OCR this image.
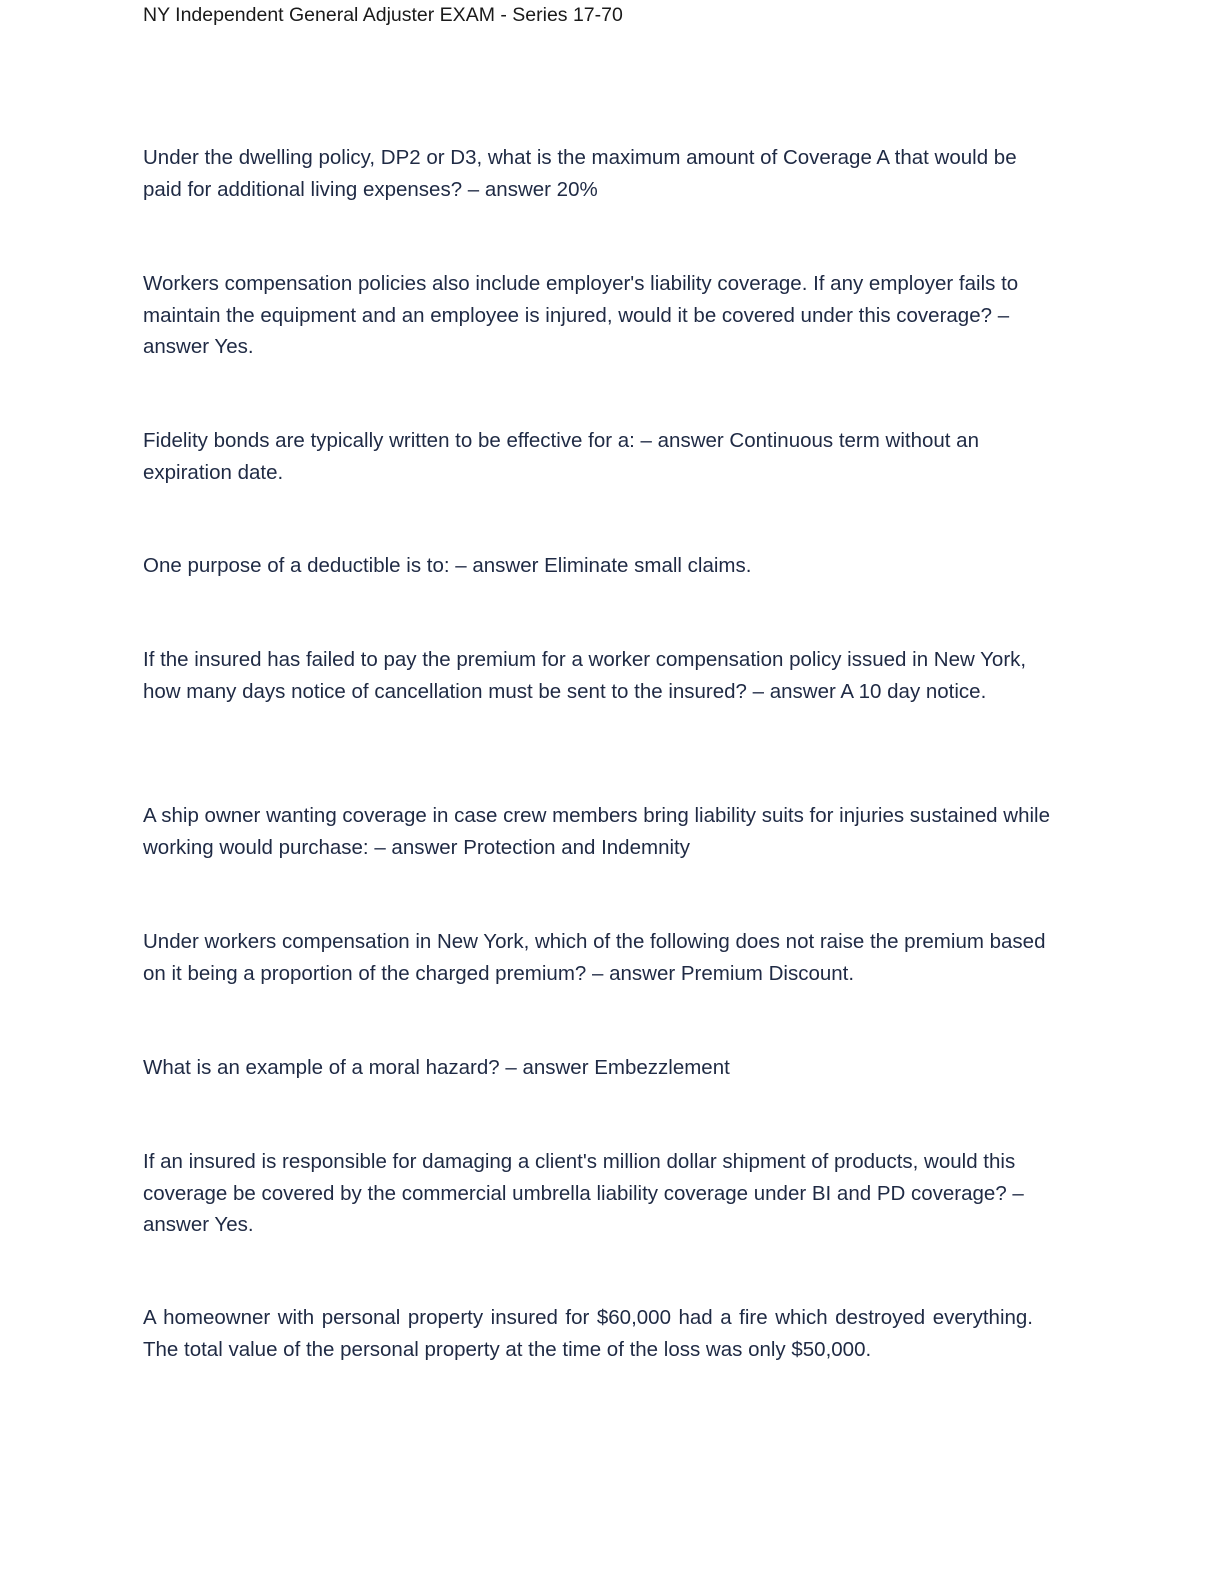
NY Independent General Adjuster EXAM - Series 17-70

Under the dwelling policy, DP2 or D3, what is the maximum amount of Coverage A that would be paid for additional living expenses? – answer 20%

Workers compensation policies also include employer's liability coverage. If any employer fails to maintain the equipment and an employee is injured, would it be covered under this coverage? – answer Yes.

Fidelity bonds are typically written to be effective for a: – answer Continuous term without an expiration date.

One purpose of a deductible is to: – answer Eliminate small claims.

If the insured has failed to pay the premium for a worker compensation policy issued in New York, how many days notice of cancellation must be sent to the insured? – answer A 10 day notice.

A ship owner wanting coverage in case crew members bring liability suits for injuries sustained while working would purchase: – answer Protection and Indemnity

Under workers compensation in New York, which of the following does not raise the premium based on it being a proportion of the charged premium? – answer Premium Discount.

What is an example of a moral hazard? – answer Embezzlement

If an insured is responsible for damaging a client's million dollar shipment of products, would this coverage be covered by the commercial umbrella liability coverage under BI and PD coverage? – answer Yes.

A homeowner with personal property insured for $60,000 had a fire which destroyed everything. The total value of the personal property at the time of the loss was only $50,000.
